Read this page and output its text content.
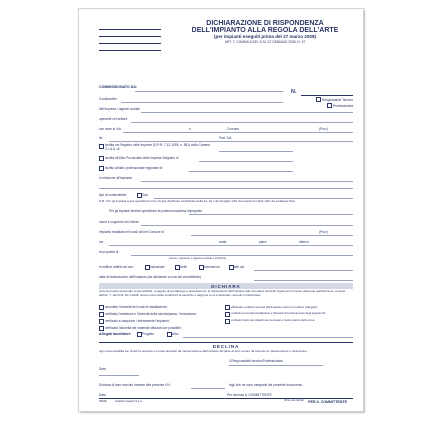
DICHIARAZIONE DI RISPONDENZA
DELL'IMPIANTO ALLA REGOLA DELL'ARTE
(per impianti eseguiti prima del 27 marzo 2008)
ART. 7, COMMA 6 DEL D.M. 22 GENNAIO 2008, N. 37
N.
Responsabile Tecnico
Professionista
COMMISSIONATO DA:
Il sottoscritto
dell'impresa / ragione sociale
operante nel settore
con sede in Via	n.	Comune	(Prov.)
tel.	Part. IVA
iscritta nel Registro delle Imprese (D.P.R. 7-12-1995, n. 581) della Camera C.I.A.A. di
iscritta all'Albo Provinciale delle Imprese Artigiane di
iscritto all'albo professionale regionale di
in relazione all'impianto
tipo di combustibile:	Gas
N.B.: Per gli impianti a gas specificare il tipo di gas distribuito canalizzato della 1a, 2a o 3a famiglia; GPL da recipienti mobili; GPL da serbatoio fisso.
Per gli impianti elettrici specificare la potenza massima impegnata
nome e cognome del cliente
impianto installato nei locali siti nel Comune di	(Prov.)
via	scala	piano	interno
di proprietà di
(nome, cognome o ragione sociale e indirizzo)
in edificio adibito ad uso:	industriale	civile	commercio	altri usi
data di realizzazione dell'impianto (da dichiarare a cura del committente)
DICHIARA
sotto la propria personale responsabilità, a seguito di sopralluogo e accertamenti, la rispondenza dell'impianto alle normative tecniche vigenti al momento della sua realizzazione, ai sensi dell'art. 7, del D.M. 22-1-2008, tenuto conto delle condizioni di esercizio e degli usi a cui è destinato, avendo in particolare:
accertato l'idoneità dei locali di installazione;
verificato l'esistenza e l'idoneità della valvola/passo, l'ubicazione;
verificato a campione / interamente l'impianto;
verificato l'idoneità dei materiali utilizzati ove possibile;
effettuato verifiche ai locali dell'impianto interno di utilizzo (Allegato)
verificato la corretta installazione e l'idoneità di funzionamento degli apparecchi;
verificato l'esito dei collaudi ove necessari e l'esito positivo delle prove;
Allegati facoltativi:	Progetto	Altro
DECLINA
ogni responsabilità per sinistri a persone o a cose derivanti da manomissione dell'impianto da parte di terzi ovvero da carenze di manutenzione o riparazione.
Il Responsabile tecnico/Professionista
Data
Dichiara di aver ricevuto insieme alla presente il N.	fogli che ne sono integranti del presente documento.
Data	Per ricevuta IL COMMITTENTE
(firma del cliente)
9646E	Grafiche Gaspari S.p.A.	PER IL COMMITTENTE
